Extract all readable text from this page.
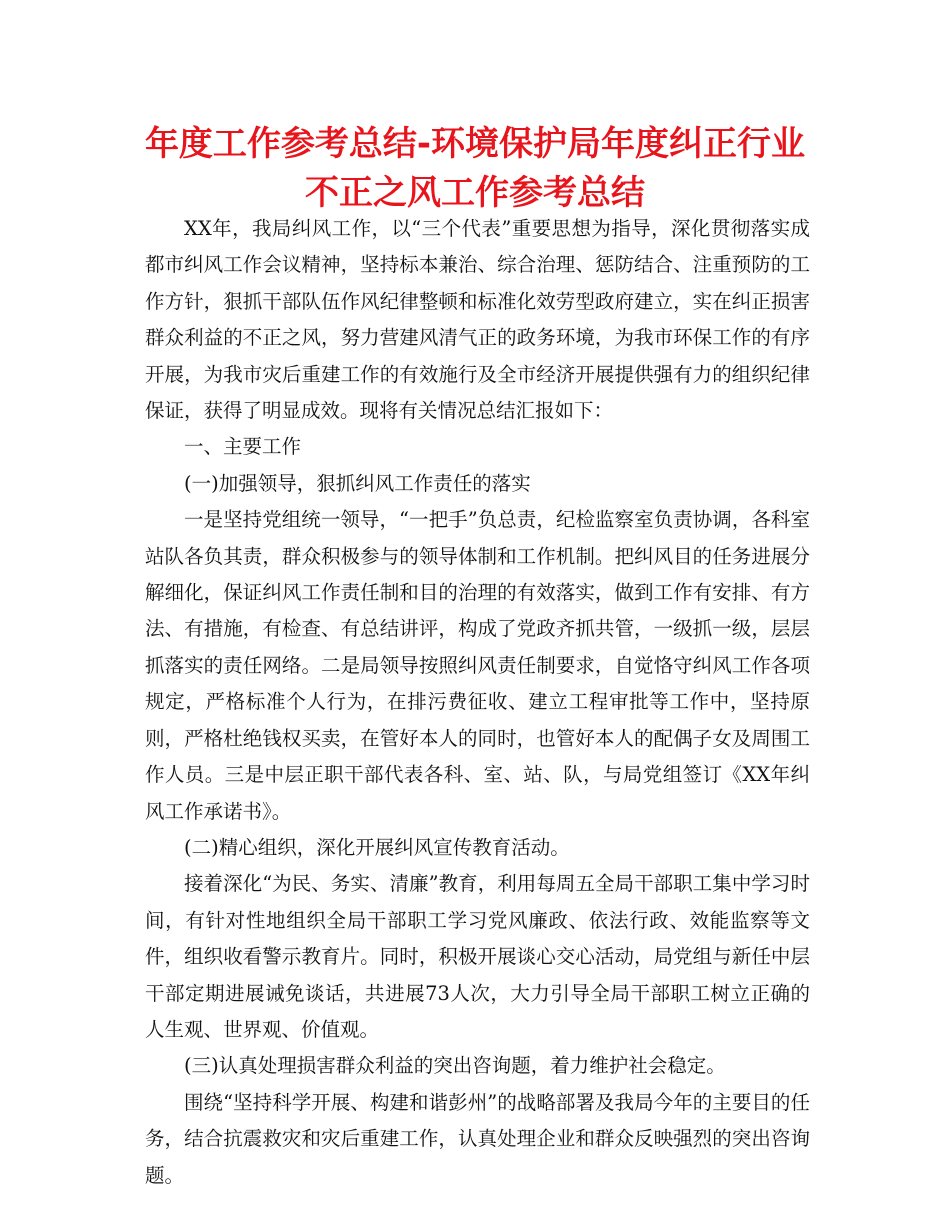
年度工作参考总结-环境保护局年度纠正行业不正之风工作参考总结

XX年，我局纠风工作，以“三个代表”重要思想为指导，深化贯彻落实成都市纠风工作会议精神，坚持标本兼治、综合治理、惩防结合、注重预防的工作方针，狠抓干部队伍作风纪律整顿和标准化效劳型政府建立，实在纠正损害群众利益的不正之风，努力营建风清气正的政务环境，为我市环保工作的有序开展，为我市灾后重建工作的有效施行及全市经济开展提供强有力的组织纪律保证，获得了明显成效。现将有关情况总结汇报如下：

一、主要工作

(一)加强领导，狠抓纠风工作责任的落实

一是坚持党组统一领导，“一把手”负总责，纪检监察室负责协调，各科室站队各负其责，群众积极参与的领导体制和工作机制。把纠风目的任务进展分解细化，保证纠风工作责任制和目的治理的有效落实，做到工作有安排、有方法、有措施，有检查、有总结讲评，构成了党政齐抓共管，一级抓一级，层层抓落实的责任网络。二是局领导按照纠风责任制要求，自觉恪守纠风工作各项规定，严格标准个人行为，在排污费征收、建立工程审批等工作中，坚持原则，严格杜绝钱权买卖，在管好本人的同时，也管好本人的配偶子女及周围工作人员。三是中层正职干部代表各科、室、站、队，与局党组签订《XX年纠风工作承诺书》。

(二)精心组织，深化开展纠风宣传教育活动。

接着深化“为民、务实、清廉”教育，利用每周五全局干部职工集中学习时间，有针对性地组织全局干部职工学习党风廉政、依法行政、效能监察等文件，组织收看警示教育片。同时，积极开展谈心交心活动，局党组与新任中层干部定期进展诫免谈话，共进展73人次，大力引导全局干部职工树立正确的人生观、世界观、价值观。

(三)认真处理损害群众利益的突出咨询题，着力维护社会稳定。

围绕“坚持科学开展、构建和谐彭州”的战略部署及我局今年的主要目的任务，结合抗震救灾和灾后重建工作，认真处理企业和群众反映强烈的突出咨询题。
